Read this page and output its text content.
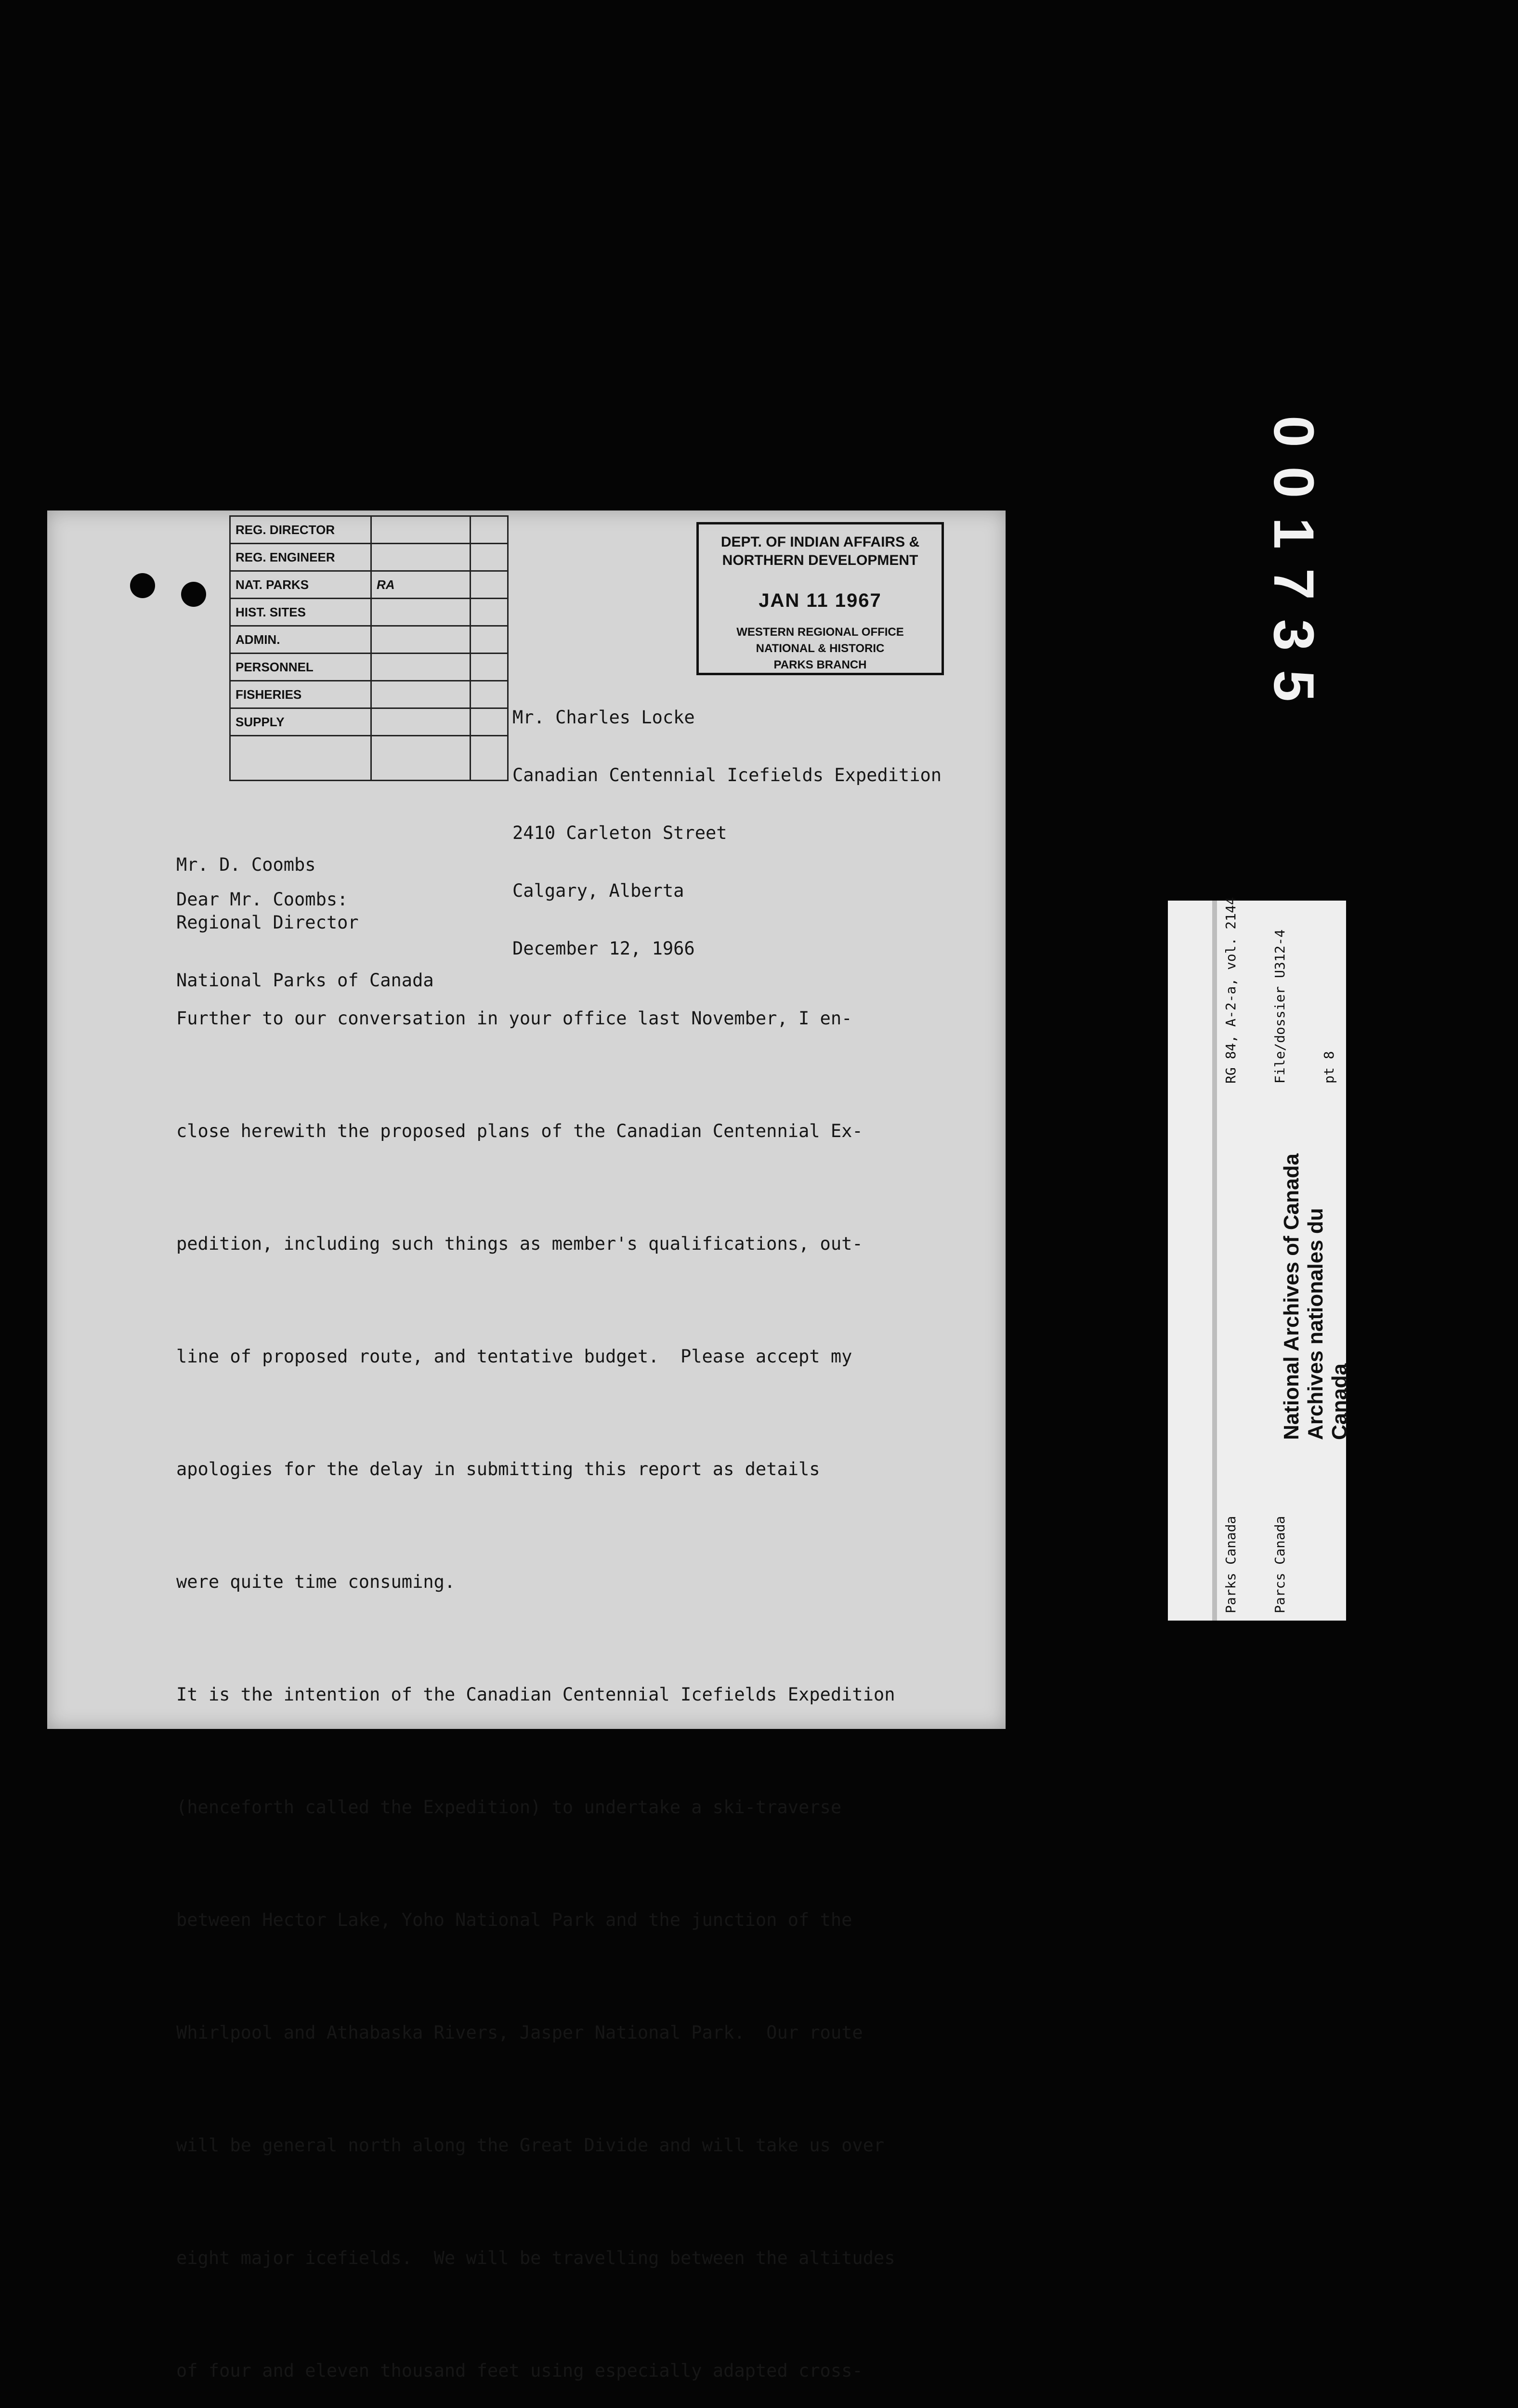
REG. DIRECTOR		
REG. ENGINEER		
NAT. PARKS	RA	
HIST. SITES		
ADMIN.		
PERSONNEL		
FISHERIES		
SUPPLY		

DEPT. OF INDIAN AFFAIRS &
NORTHERN DEVELOPMENT
JAN 11 1967
WESTERN REGIONAL OFFICE
NATIONAL & HISTORIC
PARKS BRANCH

Mr. Charles Locke

Canadian Centennial Icefields Expedition

2410 Carleton Street

Calgary, Alberta

December 12, 1966

Mr. D. Coombs

Regional Director

National Parks of Canada

Dear Mr. Coombs:

Further to our conversation in your office last November, I en-

close herewith the proposed plans of the Canadian Centennial Ex-

pedition, including such things as member's qualifications, out-

line of proposed route, and tentative budget.  Please accept my

apologies for the delay in submitting this report as details

were quite time consuming.

It is the intention of the Canadian Centennial Icefields Expedition

(henceforth called the Expedition) to undertake a ski-traverse

between Hector Lake, Yoho National Park and the junction of the

Whirlpool and Athabaska Rivers, Jasper National Park.  Our route

will be general north along the Great Divide and will take us over

eight major icefields.  We will be travelling between the altitudes

of four and eleven thousand feet using especially adapted cross-

001735

RG 84, A-2-a, vol. 2144

File/dossier U312-4

pt 8

Parks Canada

Parcs Canada

National Archives of Canada Archives nationales du Canada
